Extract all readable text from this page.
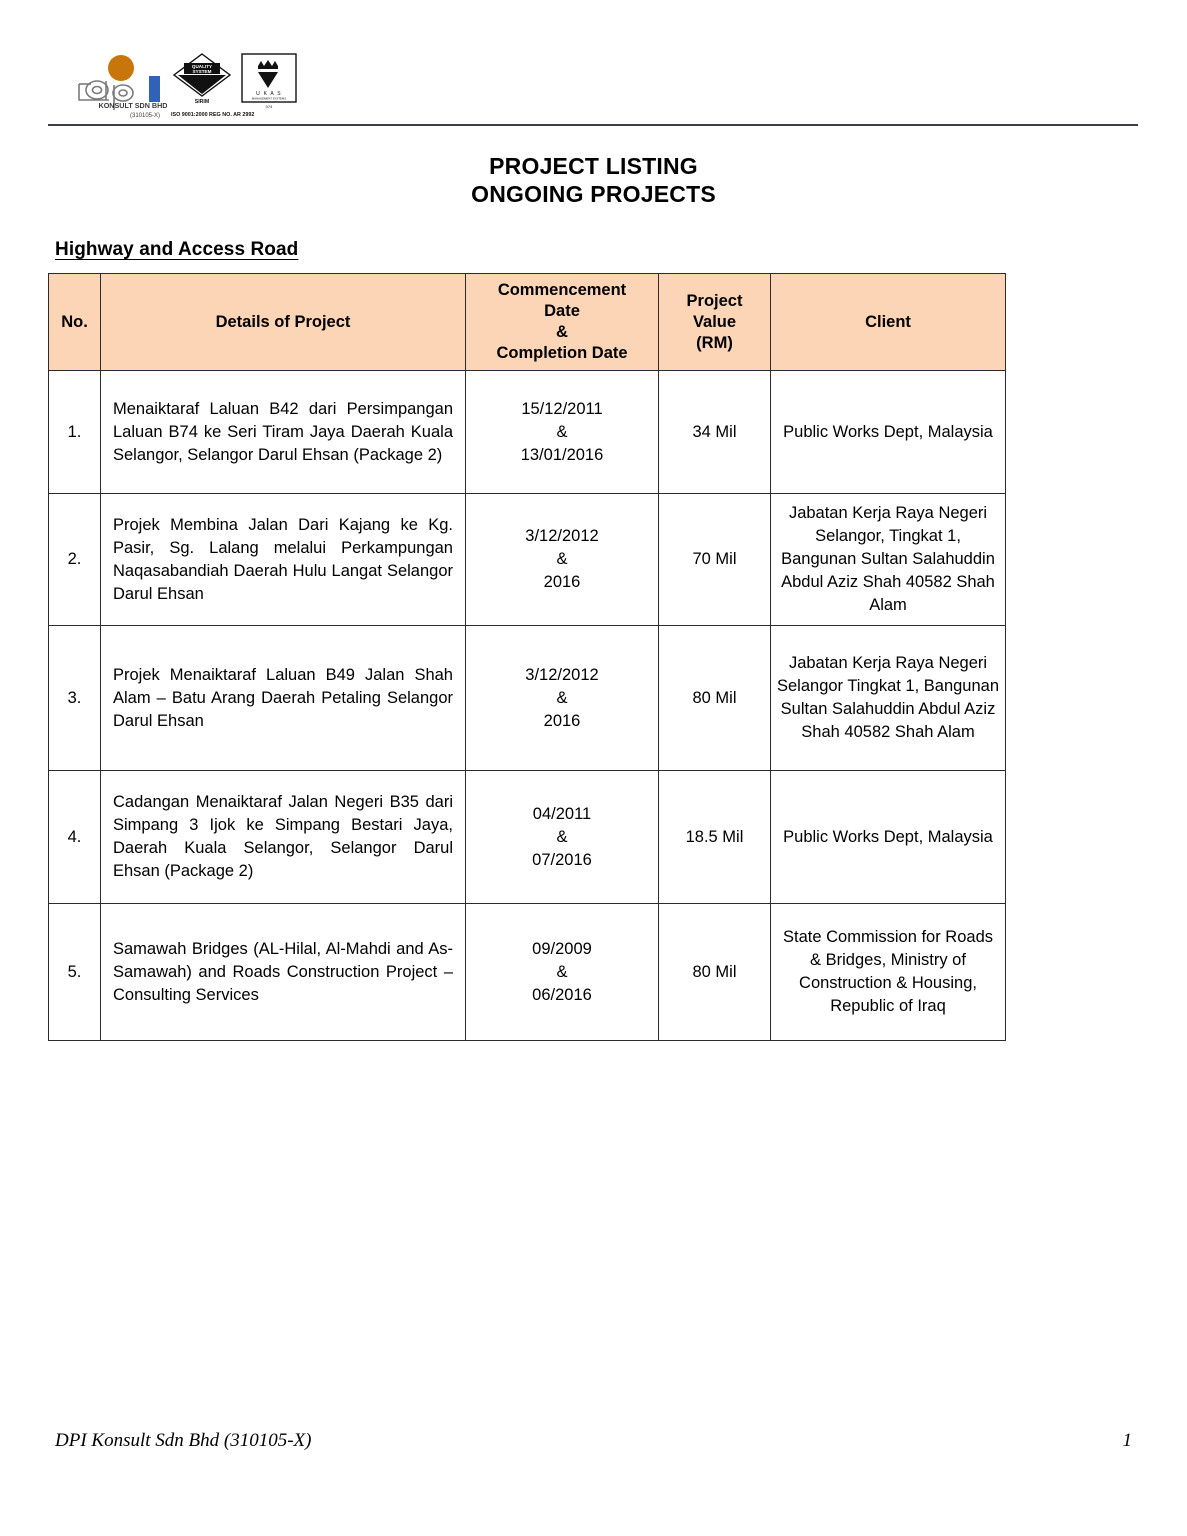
KONSULT SDN BHD
(310105-X)
QUALITY
SYSTEM
SIRIM
U K A S
MANAGEMENT SYSTEMS
074
ISO 9001:2000 REG NO. AR 2992
PROJECT LISTING
ONGOING PROJECTS
Highway and Access Road
No.	Details of Project	Commencement
Date
&
Completion Date	Project
Value
(RM)	Client
1.	Menaiktaraf Laluan B42 dari Persimpangan Laluan B74 ke Seri Tiram Jaya Daerah Kuala Selangor, Selangor Darul Ehsan (Package 2)	15/12/2011
&
13/01/2016	34 Mil	Public Works Dept, Malaysia
2.	Projek Membina Jalan Dari Kajang ke Kg. Pasir, Sg. Lalang melalui Perkampungan Naqasabandiah Daerah Hulu Langat Selangor Darul Ehsan	3/12/2012
&
2016	70 Mil	Jabatan Kerja Raya Negeri Selangor, Tingkat 1, Bangunan Sultan Salahuddin Abdul Aziz Shah 40582 Shah Alam
3.	Projek Menaiktaraf Laluan B49 Jalan Shah Alam – Batu Arang Daerah Petaling Selangor Darul Ehsan	3/12/2012
&
2016	80 Mil	Jabatan Kerja Raya Negeri Selangor Tingkat 1, Bangunan Sultan Salahuddin Abdul Aziz Shah 40582 Shah Alam
4.	Cadangan Menaiktaraf Jalan Negeri B35 dari Simpang 3 Ijok ke Simpang Bestari Jaya, Daerah Kuala Selangor, Selangor Darul Ehsan (Package 2)	04/2011
&
07/2016	18.5 Mil	Public Works Dept, Malaysia
5.	Samawah Bridges (AL-Hilal, Al-Mahdi and As-Samawah) and Roads Construction Project – Consulting Services	09/2009
&
06/2016	80 Mil	State Commission for Roads & Bridges, Ministry of Construction & Housing, Republic of Iraq
DPI Konsult Sdn Bhd (310105-X)	1
